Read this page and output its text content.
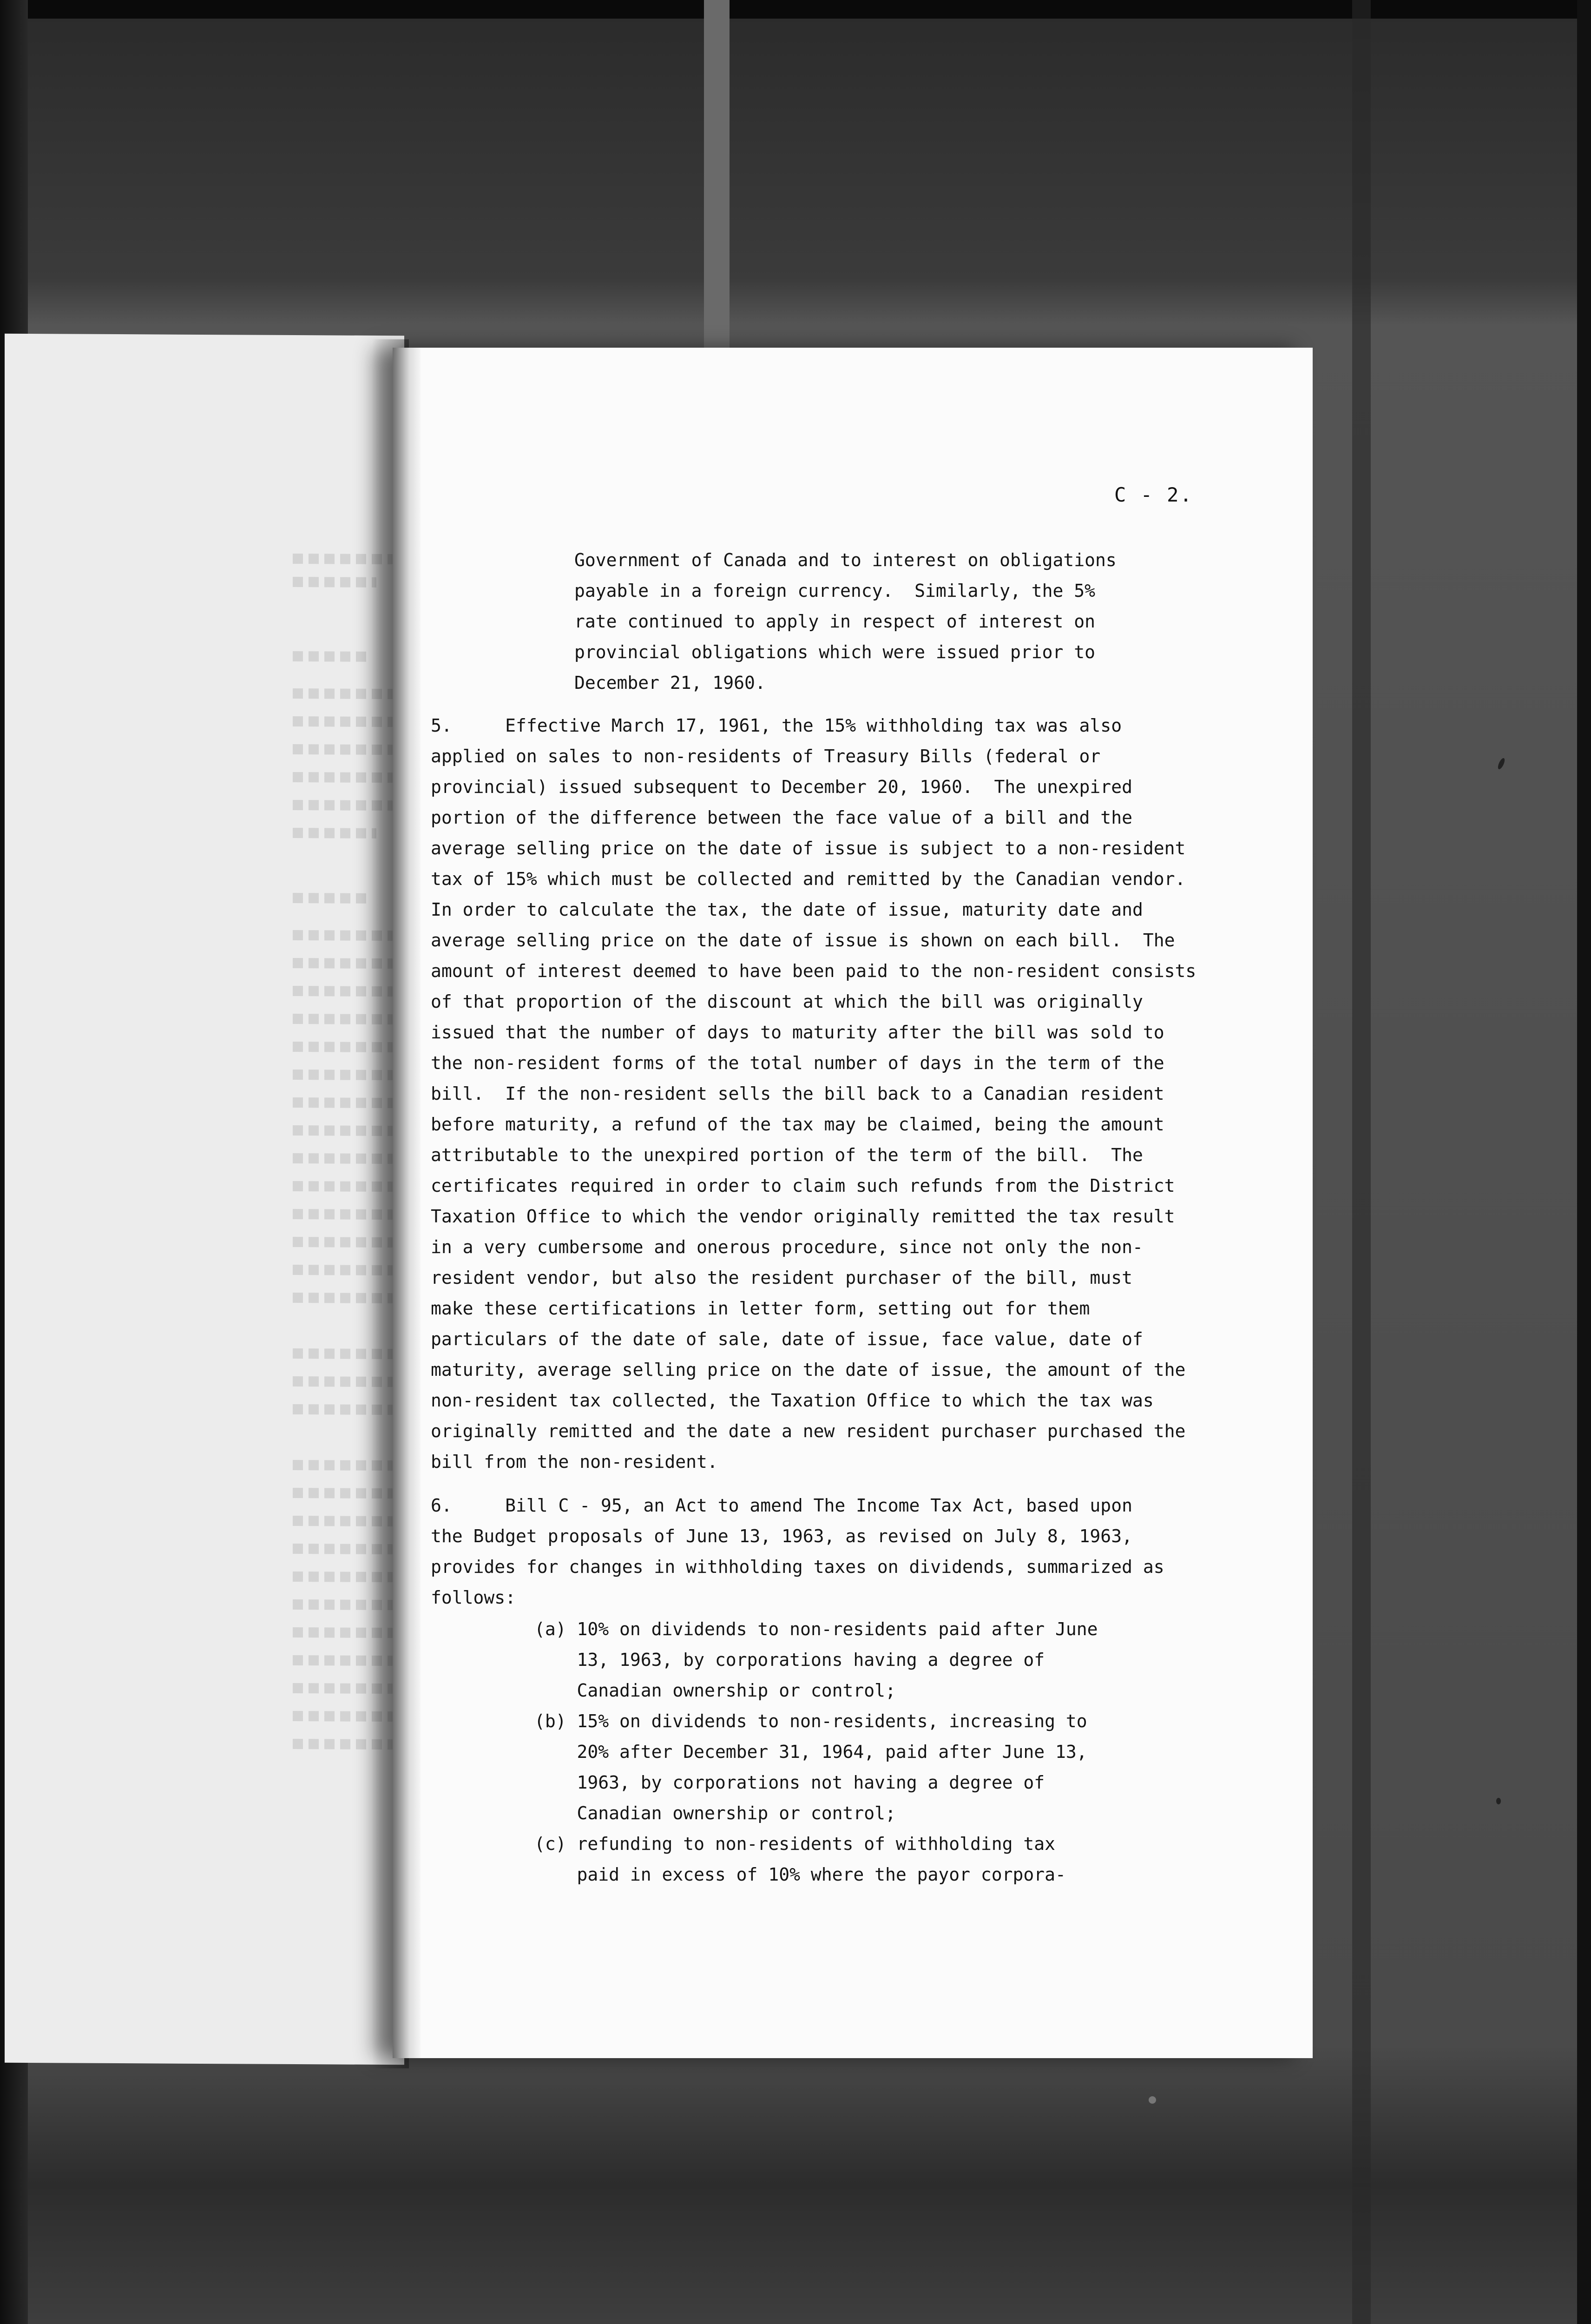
C - 2.
Government of Canada and to interest on obligations
payable in a foreign currency.  Similarly, the 5%
rate continued to apply in respect of interest on
provincial obligations which were issued prior to
December 21, 1960.
5.     Effective March 17, 1961, the 15% withholding tax was also
applied on sales to non-residents of Treasury Bills (federal or
provincial) issued subsequent to December 20, 1960.  The unexpired
portion of the difference between the face value of a bill and the
average selling price on the date of issue is subject to a non-resident
tax of 15% which must be collected and remitted by the Canadian vendor.
In order to calculate the tax, the date of issue, maturity date and
average selling price on the date of issue is shown on each bill.  The
amount of interest deemed to have been paid to the non-resident consists
of that proportion of the discount at which the bill was originally
issued that the number of days to maturity after the bill was sold to
the non-resident forms of the total number of days in the term of the
bill.  If the non-resident sells the bill back to a Canadian resident
before maturity, a refund of the tax may be claimed, being the amount
attributable to the unexpired portion of the term of the bill.  The
certificates required in order to claim such refunds from the District
Taxation Office to which the vendor originally remitted the tax result
in a very cumbersome and onerous procedure, since not only the non-
resident vendor, but also the resident purchaser of the bill, must
make these certifications in letter form, setting out for them
particulars of the date of sale, date of issue, face value, date of
maturity, average selling price on the date of issue, the amount of the
non-resident tax collected, the Taxation Office to which the tax was
originally remitted and the date a new resident purchaser purchased the
bill from the non-resident.
6.     Bill C - 95, an Act to amend The Income Tax Act, based upon
the Budget proposals of June 13, 1963, as revised on July 8, 1963,
provides for changes in withholding taxes on dividends, summarized as
follows:
(a) 10% on dividends to non-residents paid after June
13, 1963, by corporations having a degree of
Canadian ownership or control;
(b) 15% on dividends to non-residents, increasing to
20% after December 31, 1964, paid after June 13,
1963, by corporations not having a degree of
Canadian ownership or control;
(c) refunding to non-residents of withholding tax
paid in excess of 10% where the payor corpora-
